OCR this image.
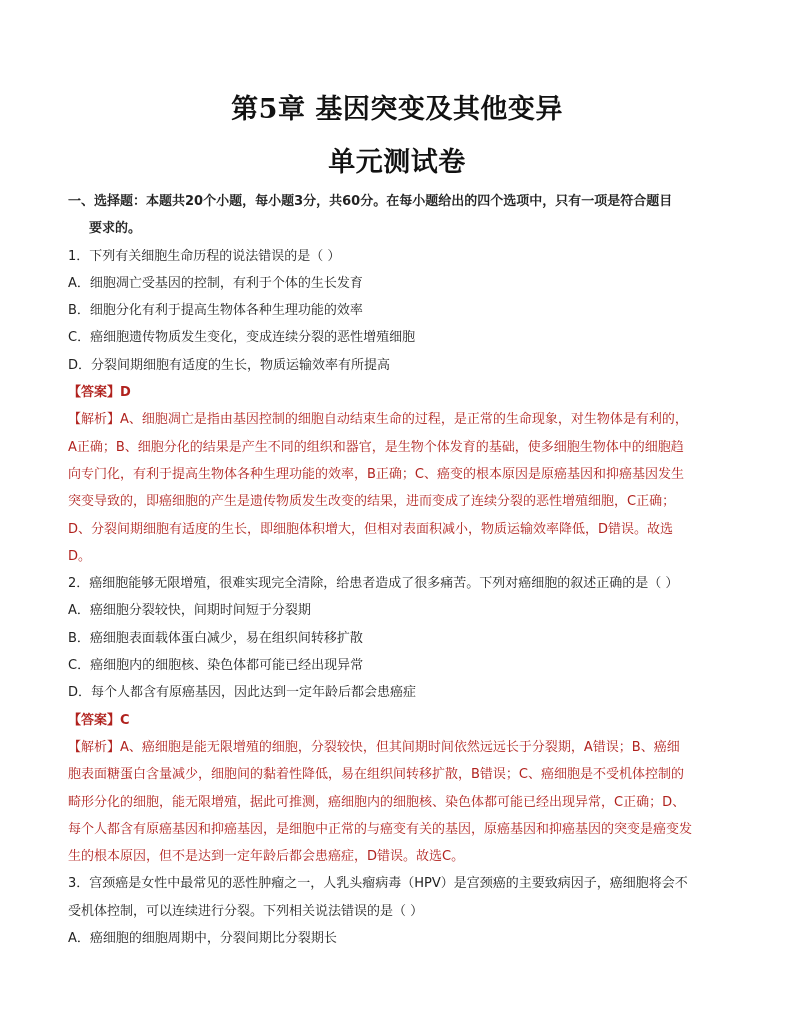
第5章 基因突变及其他变异
单元测试卷
一、选择题：本题共20个小题，每小题3分，共60分。在每小题给出的四个选项中，只有一项是符合题目
要求的。
1．下列有关细胞生命历程的说法错误的是（ ）
A．细胞凋亡受基因的控制，有利于个体的生长发育
B．细胞分化有利于提高生物体各种生理功能的效率
C．癌细胞遗传物质发生变化，变成连续分裂的恶性增殖细胞
D．分裂间期细胞有适度的生长，物质运输效率有所提高
【答案】D
【解析】A、细胞凋亡是指由基因控制的细胞自动结束生命的过程，是正常的生命现象，对生物体是有利的，
A正确；B、细胞分化的结果是产生不同的组织和器官，是生物个体发育的基础，使多细胞生物体中的细胞趋
向专门化，有利于提高生物体各种生理功能的效率，B正确；C、癌变的根本原因是原癌基因和抑癌基因发生
突变导致的，即癌细胞的产生是遗传物质发生改变的结果，进而变成了连续分裂的恶性增殖细胞，C正确；
D、分裂间期细胞有适度的生长，即细胞体积增大，但相对表面积减小，物质运输效率降低，D错误。故选
D。
2．癌细胞能够无限增殖，很难实现完全清除，给患者造成了很多痛苦。下列对癌细胞的叙述正确的是（ ）
A．癌细胞分裂较快，间期时间短于分裂期
B．癌细胞表面载体蛋白减少，易在组织间转移扩散
C．癌细胞内的细胞核、染色体都可能已经出现异常
D．每个人都含有原癌基因，因此达到一定年龄后都会患癌症
【答案】C
【解析】A、癌细胞是能无限增殖的细胞，分裂较快，但其间期时间依然远远长于分裂期，A错误；B、癌细
胞表面糖蛋白含量减少，细胞间的黏着性降低，易在组织间转移扩散，B错误；C、癌细胞是不受机体控制的
畸形分化的细胞，能无限增殖，据此可推测，癌细胞内的细胞核、染色体都可能已经出现异常，C正确；D、
每个人都含有原癌基因和抑癌基因，是细胞中正常的与癌变有关的基因，原癌基因和抑癌基因的突变是癌变发
生的根本原因，但不是达到一定年龄后都会患癌症，D错误。故选C。
3．宫颈癌是女性中最常见的恶性肿瘤之一，人乳头瘤病毒（HPV）是宫颈癌的主要致病因子，癌细胞将会不
受机体控制，可以连续进行分裂。下列相关说法错误的是（ ）
A．癌细胞的细胞周期中，分裂间期比分裂期长
